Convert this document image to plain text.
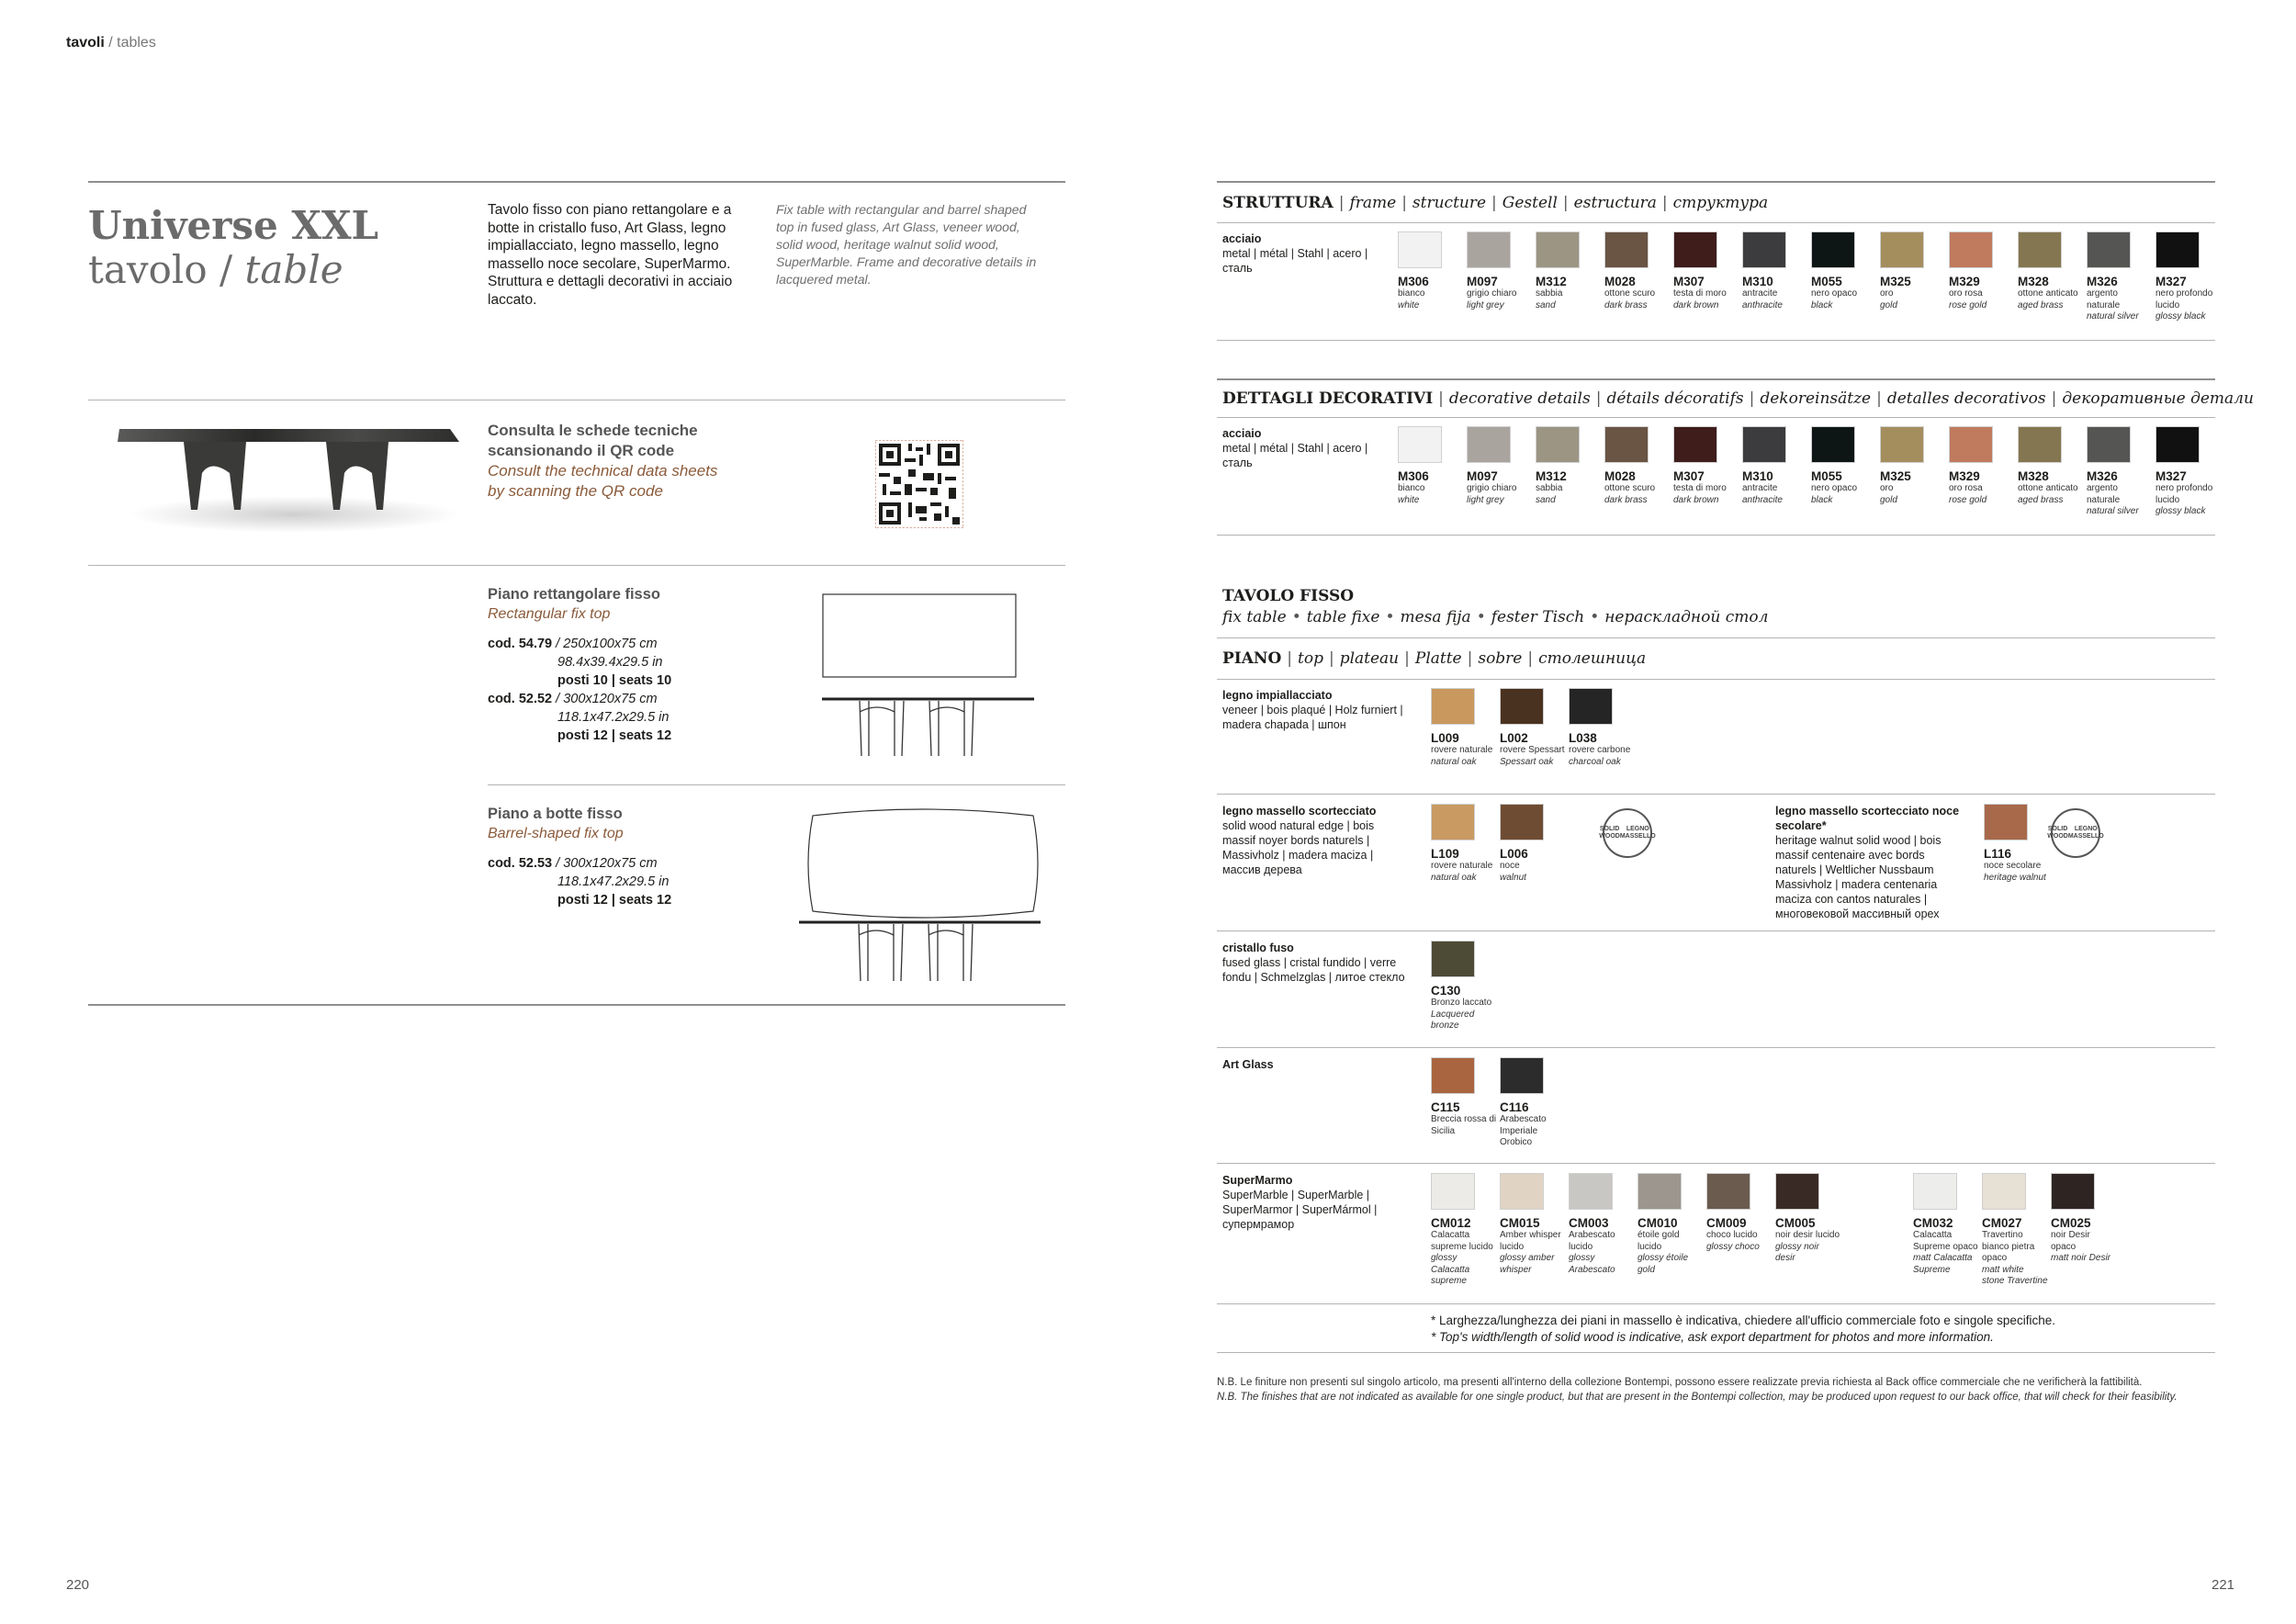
tavoli / tables
Universe XXL
tavolo / table
Tavolo fisso con piano rettangolare e a botte in cristallo fuso, Art Glass, legno impiallacciato, legno massello, legno massello noce secolare, SuperMarmo. Struttura e dettagli decorativi in acciaio laccato.
Fix table with rectangular and barrel shaped top in fused glass, Art Glass, veneer wood, solid wood, heritage walnut solid wood, SuperMarble. Frame and decorative details in lacquered metal.
Consulta le schede tecniche
scansionando il QR code
Consult the technical data sheets
by scanning the QR code
Piano rettangolare fisso
Rectangular fix top
cod. 54.79 / 250x100x75 cm
98.4x39.4x29.5 in
posti 10 | seats 10
cod. 52.52 / 300x120x75 cm
118.1x47.2x29.5 in
posti 12 | seats 12
Piano a botte fisso
Barrel-shaped fix top
cod. 52.53 / 300x120x75 cm
118.1x47.2x29.5 in
posti 12 | seats 12
220
STRUTTURA | frame | structure | Gestell | estructura | структура
acciaio
metal | métal | Stahl | acero | сталь
M306
bianco
white
M097
grigio chiaro
light grey
M312
sabbia
sand
M028
ottone scuro
dark brass
M307
testa di moro
dark brown
M310
antracite
anthracite
M055
nero opaco
black
M325
oro
gold
M329
oro rosa
rose gold
M328
ottone anticato
aged brass
M326
argento naturale
natural silver
M327
nero profondo lucido
glossy black
DETTAGLI DECORATIVI | decorative details | détails décoratifs | dekoreinsätze | detalles decorativos | декоративные детали
acciaio
metal | métal | Stahl | acero | сталь
M306
bianco
white
M097
grigio chiaro
light grey
M312
sabbia
sand
M028
ottone scuro
dark brass
M307
testa di moro
dark brown
M310
antracite
anthracite
M055
nero opaco
black
M325
oro
gold
M329
oro rosa
rose gold
M328
ottone anticato
aged brass
M326
argento naturale
natural silver
M327
nero profondo lucido
glossy black
TAVOLO FISSO
fix table • table fixe • mesa fija • fester Tisch • нераскладной стол
PIANO | top | plateau | Platte | sobre | столешница
legno impiallacciato
veneer | bois plaqué | Holz furniert | madera chapada | шпон
L009
rovere naturale
natural oak
L002
rovere Spessart
Spessart oak
L038
rovere carbone
charcoal oak
legno massello scortecciato
solid wood natural edge | bois massif noyer bords naturels | Massivholz | madera maciza | массив дерева
L109
rovere naturale
natural oak
L006
noce
walnut
SOLID WOOD

LEGNO MASSELLO
legno massello scortecciato noce secolare*
heritage walnut solid wood | bois massif centenaire avec bords naturels | Weltlicher Nussbaum Massivholz | madera centenaria maciza con cantos naturales | многовековой массивный орех
L116
noce secolare
heritage walnut
SOLID WOOD

LEGNO MASSELLO
cristallo fuso
fused glass | cristal fundido | verre fondu | Schmelzglas | литое стекло
C130
Bronzo laccato
Lacquered bronze
Art Glass
C115
Breccia rossa di Sicilia
C116
Arabescato Imperiale Orobico
SuperMarmo
SuperMarble | SuperMarble | SuperMarmor | SuperMármol | супермрамор	CM012
Calacatta supreme lucido
glossy Calacatta supreme
CM015
Amber whisper lucido
glossy amber whisper
CM003
Arabescato lucido
glossy Arabescato
CM010
étoile gold lucido
glossy étoile gold
CM009
choco lucido
glossy choco
CM005
noir desir lucido
glossy noir desir
CM032
Calacatta Supreme opaco
matt Calacatta Supreme
CM027
Travertino bianco pietra opaco
matt white stone Travertine
CM025
noir Desir opaco
matt noir Desir
* Larghezza/lunghezza dei piani in massello è indicativa, chiedere all'ufficio commerciale foto e singole specifiche.
* Top's width/length of solid wood is indicative, ask export department for photos and more information.
N.B. Le finiture non presenti sul singolo articolo, ma presenti all'interno della collezione Bontempi, possono essere realizzate previa richiesta al Back office commerciale che ne verificherà la fattibilità.
N.B. The finishes that are not indicated as available for one single product, but that are present in the Bontempi collection, may be produced upon request to our back office, that will check for their feasibility.
221
